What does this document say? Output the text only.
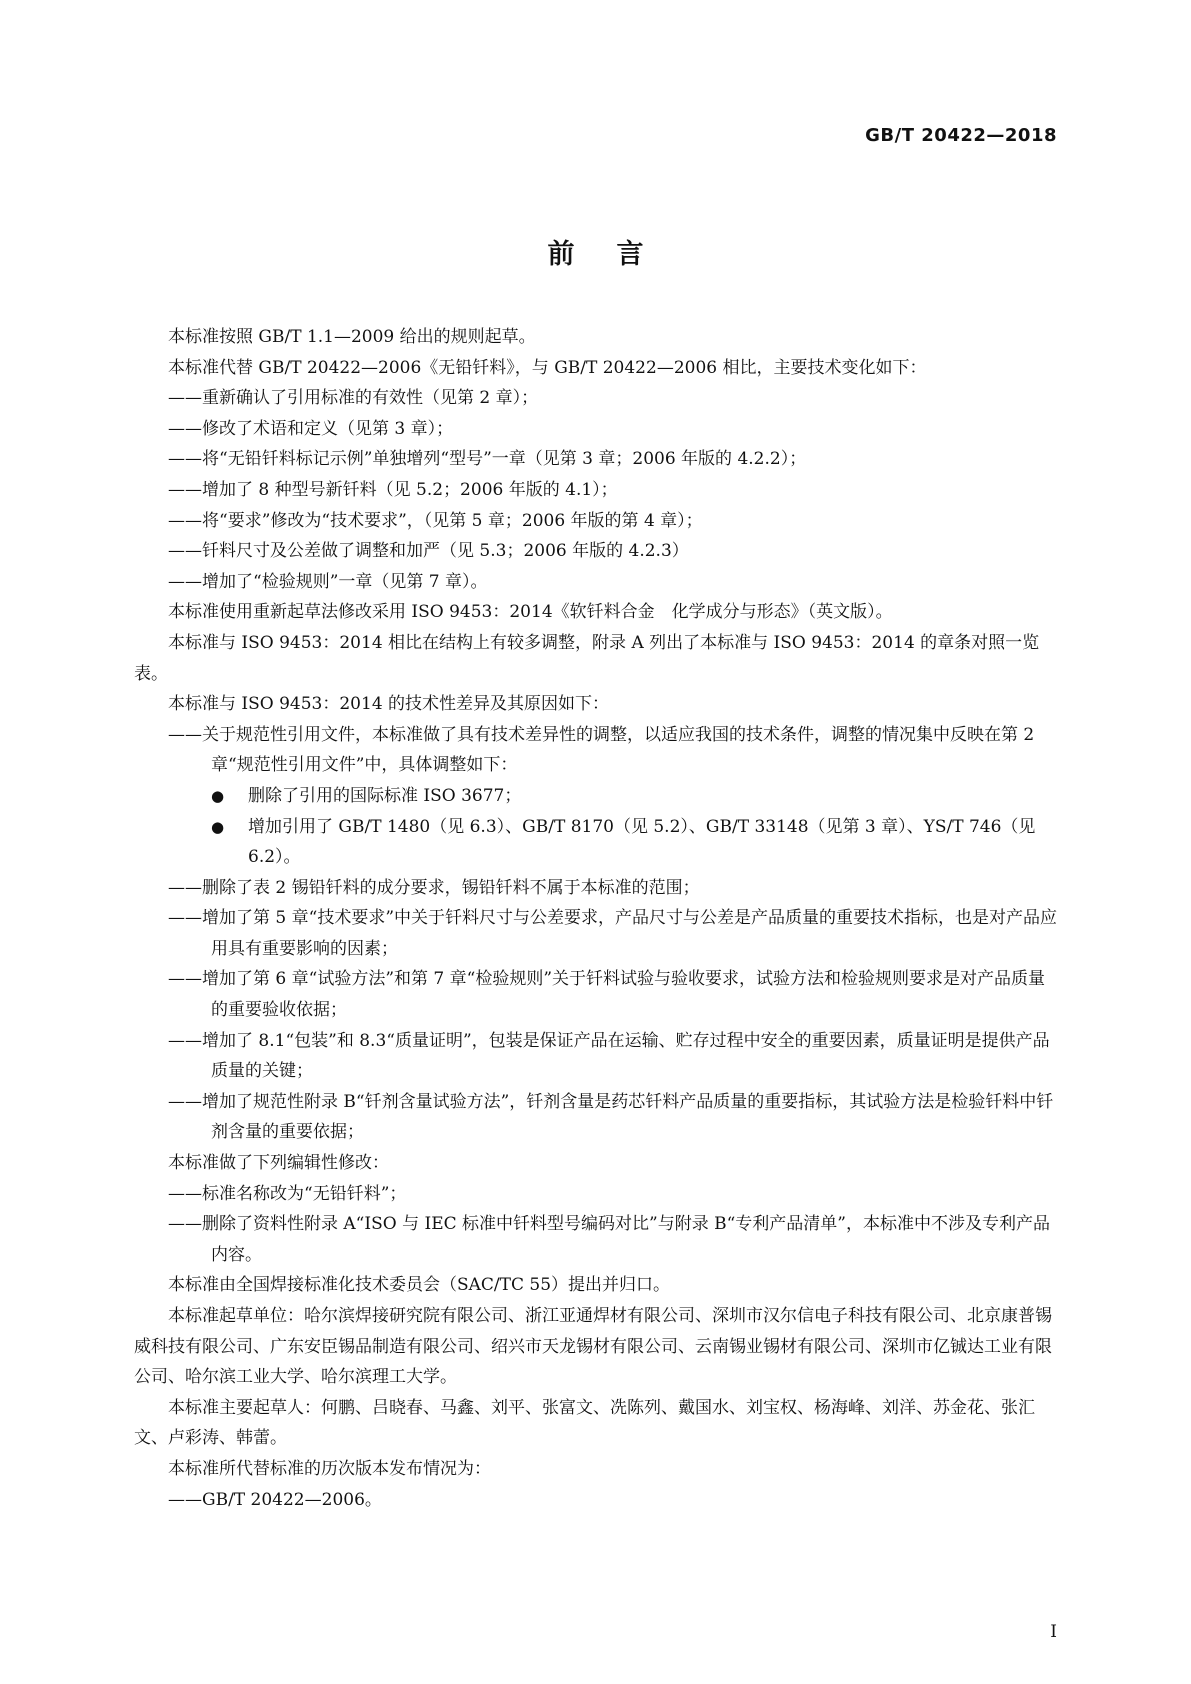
GB/T 20422—2018
前言

本标准按照 GB/T 1.1—2009 给出的规则起草。

本标准代替 GB/T 20422—2006《无铅钎料》，与 GB/T 20422—2006 相比，主要技术变化如下：

——重新确认了引用标准的有效性（见第 2 章）；

——修改了术语和定义（见第 3 章）；

——将“无铅钎料标记示例”单独增列“型号”一章（见第 3 章；2006 年版的 4.2.2）；

——增加了 8 种型号新钎料（见 5.2；2006 年版的 4.1）；

——将“要求”修改为“技术要求”，（见第 5 章；2006 年版的第 4 章）；

——钎料尺寸及公差做了调整和加严（见 5.3；2006 年版的 4.2.3）

——增加了“检验规则”一章（见第 7 章）。

本标准使用重新起草法修改采用 ISO 9453：2014《软钎料合金　化学成分与形态》（英文版）。

本标准与 ISO 9453：2014 相比在结构上有较多调整，附录 A 列出了本标准与 ISO 9453：2014 的章条对照一览表。

本标准与 ISO 9453：2014 的技术性差异及其原因如下：

——关于规范性引用文件，本标准做了具有技术差异性的调整，以适应我国的技术条件，调整的情况集中反映在第 2 章“规范性引用文件”中，具体调整如下：

●	删除了引用的国际标准 ISO 3677；

●	增加引用了 GB/T 1480（见 6.3）、GB/T 8170（见 5.2）、GB/T 33148（见第 3 章）、YS/T 746（见 6.2）。

——删除了表 2 锡铅钎料的成分要求，锡铅钎料不属于本标准的范围；

——增加了第 5 章“技术要求”中关于钎料尺寸与公差要求，产品尺寸与公差是产品质量的重要技术指标，也是对产品应用具有重要影响的因素；

——增加了第 6 章“试验方法”和第 7 章“检验规则”关于钎料试验与验收要求，试验方法和检验规则要求是对产品质量的重要验收依据；

——增加了 8.1“包装”和 8.3“质量证明”，包装是保证产品在运输、贮存过程中安全的重要因素，质量证明是提供产品质量的关键；

——增加了规范性附录 B“钎剂含量试验方法”，钎剂含量是药芯钎料产品质量的重要指标，其试验方法是检验钎料中钎剂含量的重要依据；

本标准做了下列编辑性修改：

——标准名称改为“无铅钎料”；

——删除了资料性附录 A“ISO 与 IEC 标准中钎料型号编码对比”与附录 B“专利产品清单”，本标准中不涉及专利产品内容。

本标准由全国焊接标准化技术委员会（SAC/TC 55）提出并归口。

本标准起草单位：哈尔滨焊接研究院有限公司、浙江亚通焊材有限公司、深圳市汉尔信电子科技有限公司、北京康普锡威科技有限公司、广东安臣锡品制造有限公司、绍兴市天龙锡材有限公司、云南锡业锡材有限公司、深圳市亿铖达工业有限公司、哈尔滨工业大学、哈尔滨理工大学。

本标准主要起草人：何鹏、吕晓春、马鑫、刘平、张富文、冼陈列、戴国水、刘宝权、杨海峰、刘洋、苏金花、张汇文、卢彩涛、韩蕾。

本标准所代替标准的历次版本发布情况为：

——GB/T 20422—2006。

I
